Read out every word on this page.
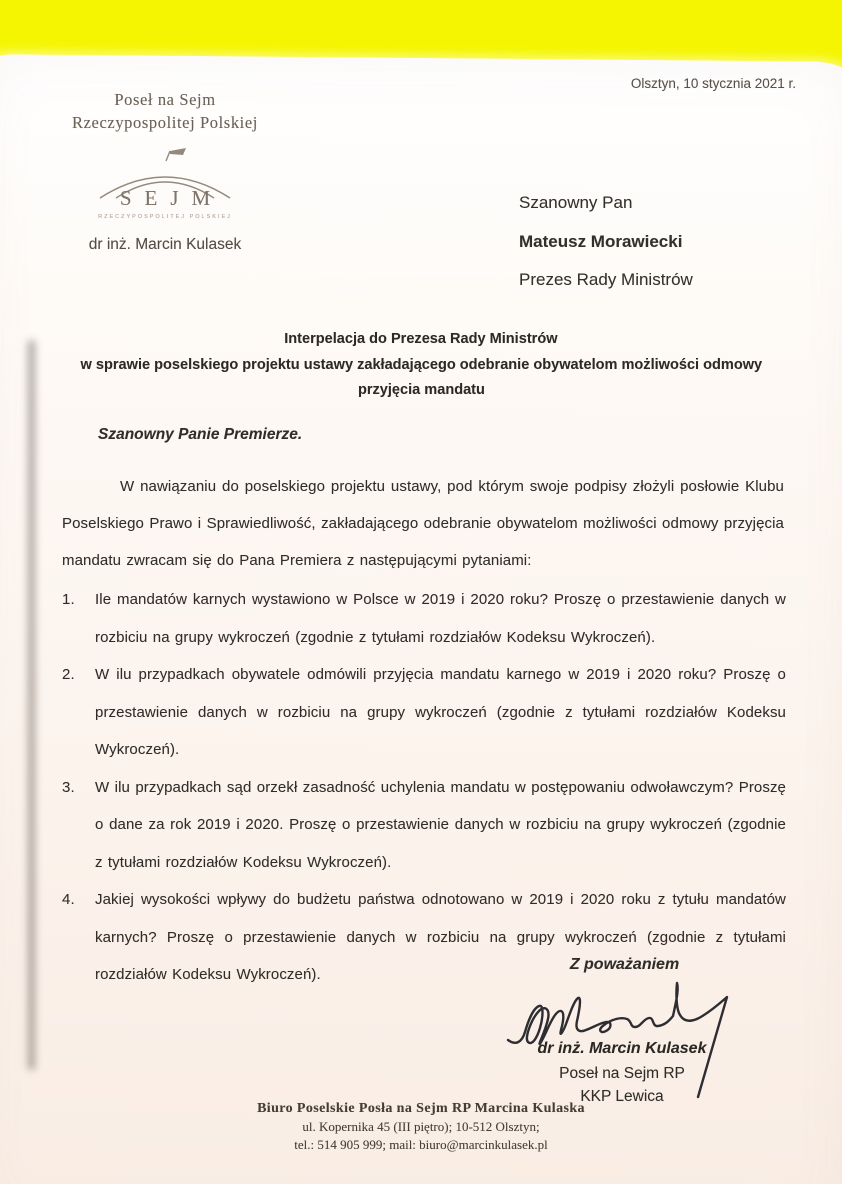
Olsztyn, 10 stycznia 2021 r.
Poseł na Sejm
Rzeczypospolitej Polskiej
SEJM
RZECZYPOSPOLITEJ POLSKIEJ
dr inż. Marcin Kulasek
Szanowny Pan
Mateusz Morawiecki
Prezes Rady Ministrów
Interpelacja do Prezesa Rady Ministrów
w sprawie poselskiego projektu ustawy zakładającego odebranie obywatelom możliwości odmowy
przyjęcia mandatu
Szanowny Panie Premierze.
W nawiązaniu do poselskiego projektu ustawy, pod którym swoje podpisy złożyli posłowie Klubu Poselskiego Prawo i Sprawiedliwość, zakładającego odebranie obywatelom możliwości odmowy przyjęcia mandatu zwracam się do Pana Premiera z następującymi pytaniami:
1.	Ile mandatów karnych wystawiono w Polsce w 2019 i 2020 roku? Proszę o przestawienie danych w rozbiciu na grupy wykroczeń (zgodnie z tytułami rozdziałów Kodeksu Wykroczeń).
2.	W ilu przypadkach obywatele odmówili przyjęcia mandatu karnego w 2019 i 2020 roku? Proszę o przestawienie danych w rozbiciu na grupy wykroczeń (zgodnie z tytułami rozdziałów Kodeksu Wykroczeń).
3.	W ilu przypadkach sąd orzekł zasadność uchylenia mandatu w postępowaniu odwoławczym? Proszę o dane za rok 2019 i 2020. Proszę o przestawienie danych w rozbiciu na grupy wykroczeń (zgodnie z tytułami rozdziałów Kodeksu Wykroczeń).
4.	Jakiej wysokości wpływy do budżetu państwa odnotowano w 2019 i 2020 roku z tytułu mandatów karnych? Proszę o przestawienie danych w rozbiciu na grupy wykroczeń (zgodnie z tytułami rozdziałów Kodeksu Wykroczeń).
Z poważaniem
dr inż. Marcin Kulasek
Poseł na Sejm RP
KKP Lewica
Biuro Poselskie Posła na Sejm RP Marcina Kulaska
ul. Kopernika 45 (III piętro); 10-512 Olsztyn;
tel.: 514 905 999; mail: biuro@marcinkulasek.pl
